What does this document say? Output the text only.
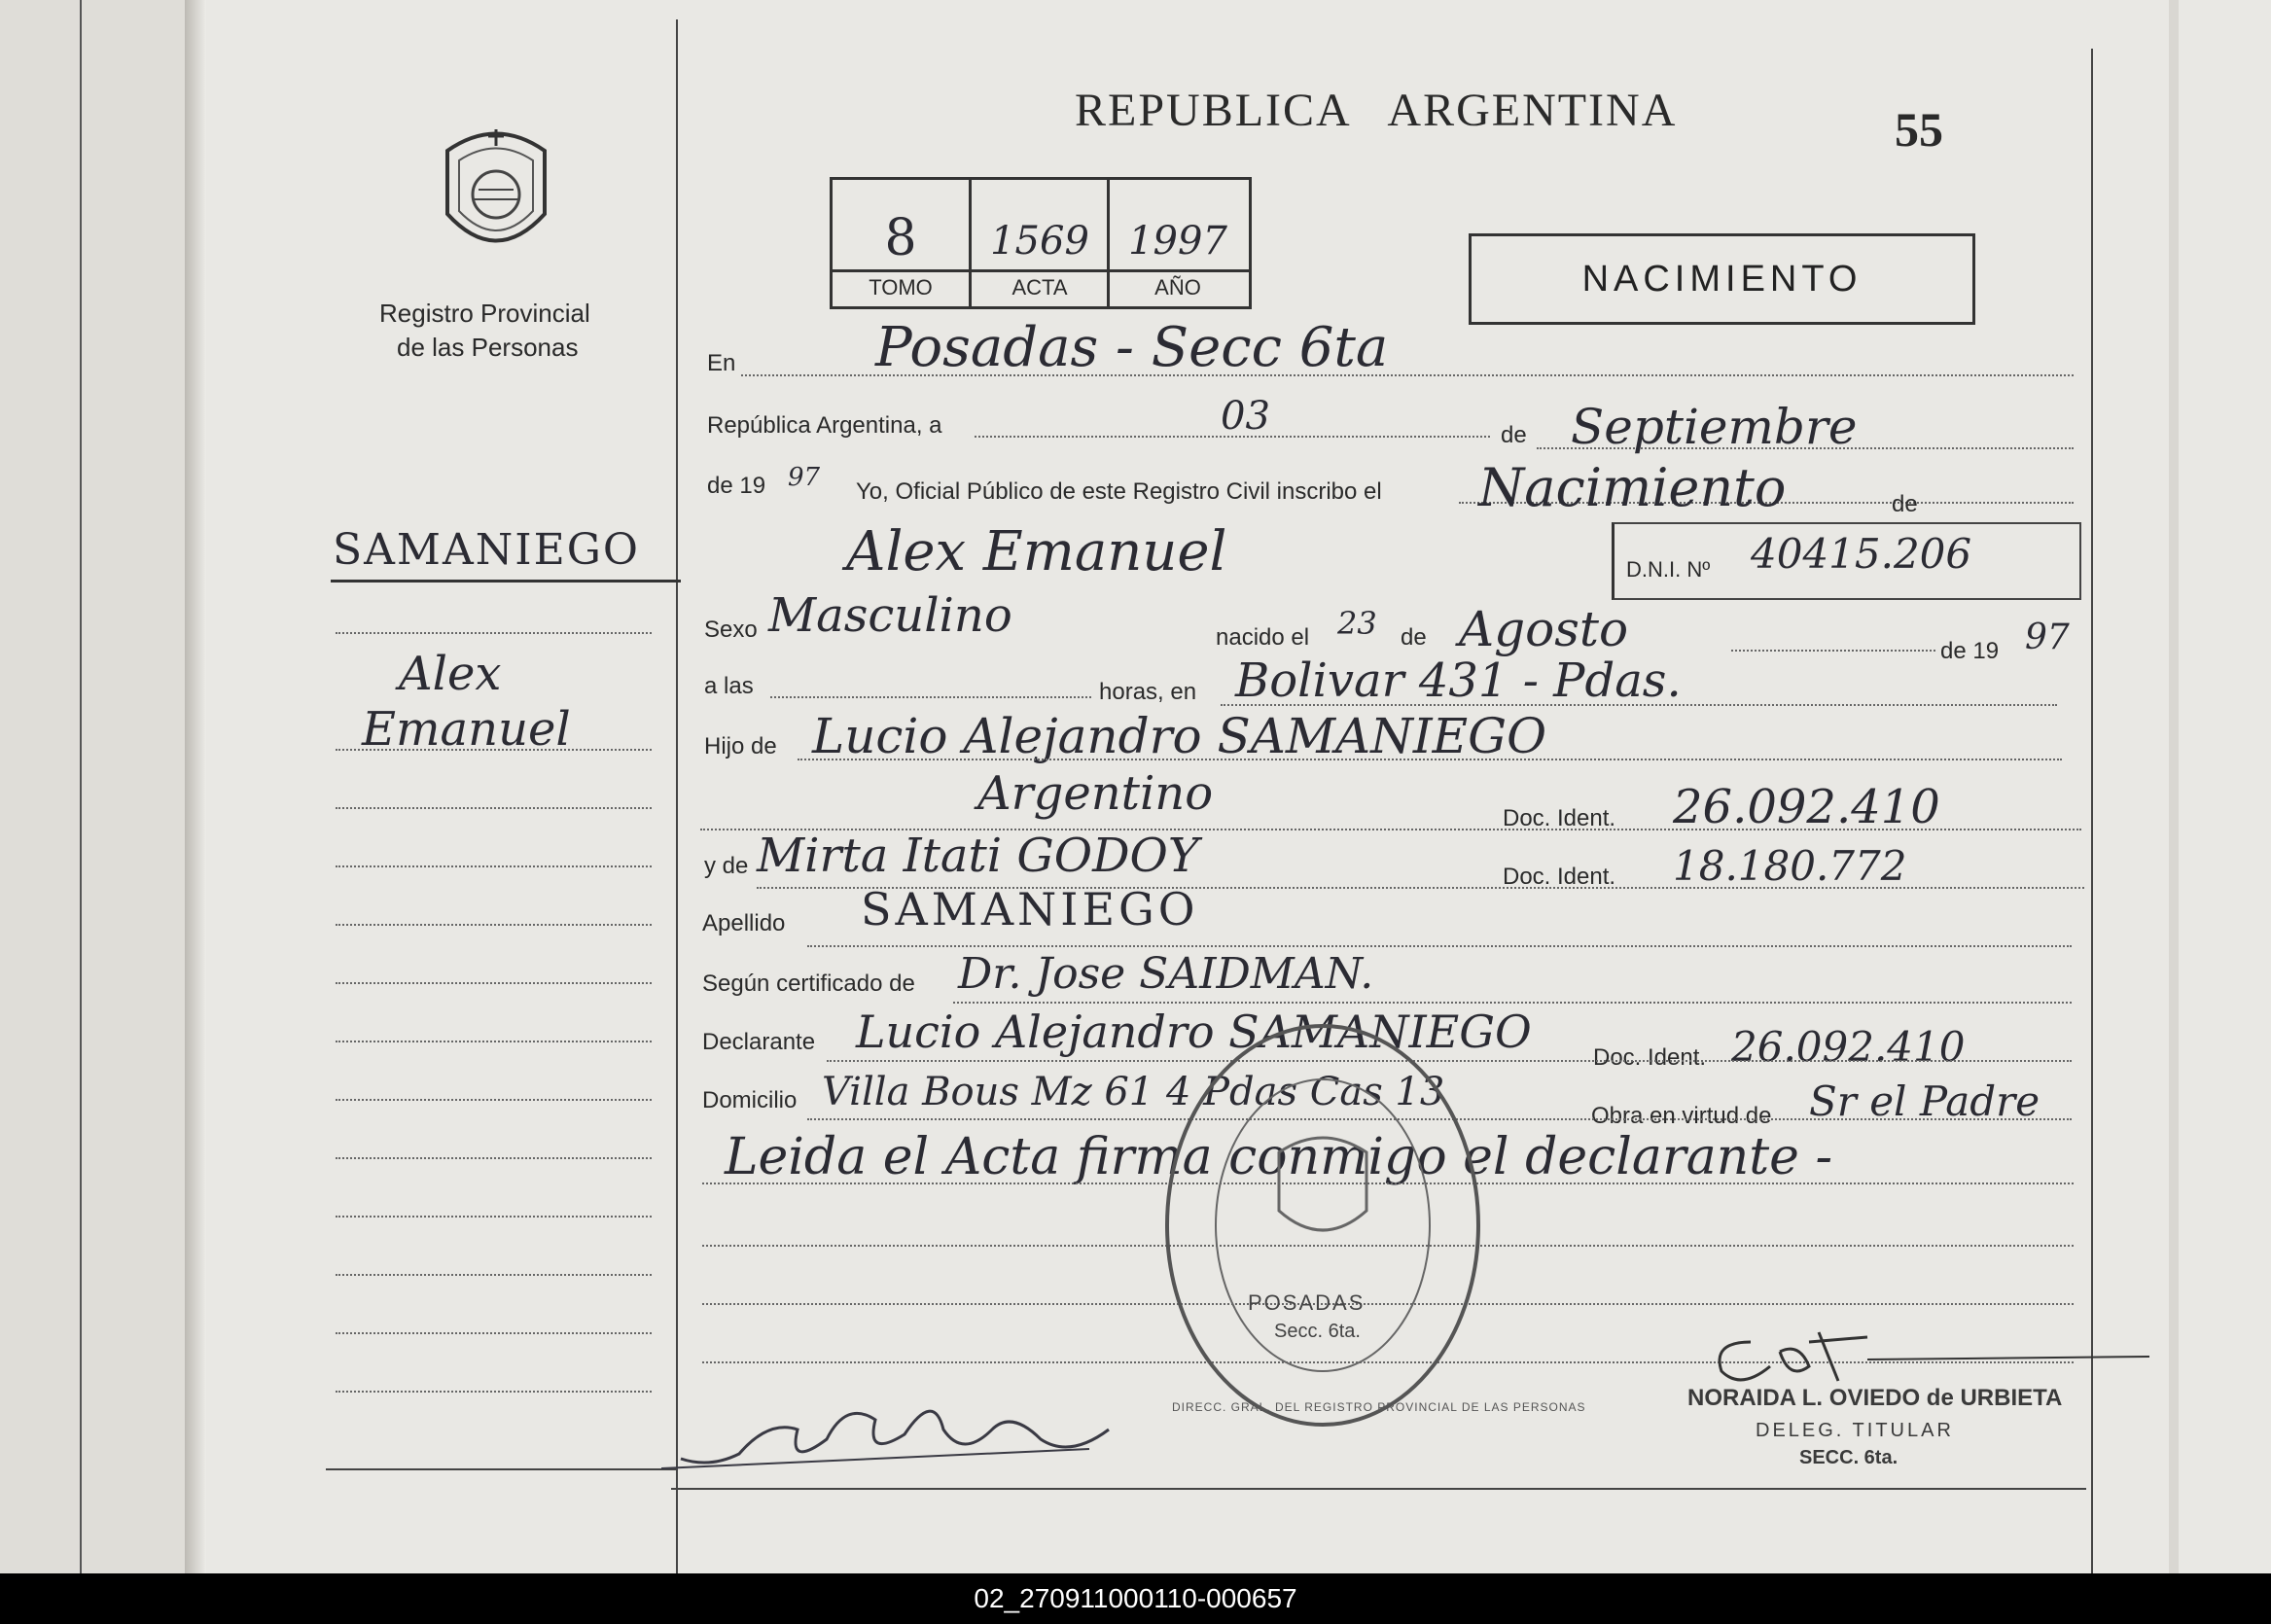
REPUBLICA   ARGENTINA	55
Registro Provincial
de las Personas
8	1569	1997
TOMO	ACTA	AÑO	NACIMIENTO
En	Posadas - Secc 6ta
República Argentina, a	03	de Septiembre
de 19 97 Yo, Oficial Público de este Registro Civil inscribo el Nacimiento	de
SAMANIEGO	Alex Emanuel	D.N.I. Nº 40415.206
Sexo Masculino	nacido el 23 de Agosto	de 19 97
a las	horas, en Bolivar 431 - Pdas.
Hijo de Lucio Alejandro SAMANIEGO
Argentino	Doc. Ident. 26.092.410
y de Mirta Itati GODOY	Doc. Ident. 18.180.772
Apellido SAMANIEGO
Según certificado de Dr. Jose SAIDMAN.
Declarante Lucio Alejandro SAMANIEGO	Doc. Ident. 26.092.410
Domicilio Villa Bous Mz 61 4 Pdas Cas 13
Obra en virtud de Sr el Padre
Leida el Acta firma conmigo el declarante -
Alex
Emanuel
POSADAS
Secc. 6ta.
DIRECC. GRAL. DEL REGISTRO PROVINCIAL DE LAS PERSONAS	NORAIDA L. OVIEDO de URBIETA
DELEG. TITULAR
SECC. 6ta.
02_270911000110-000657
